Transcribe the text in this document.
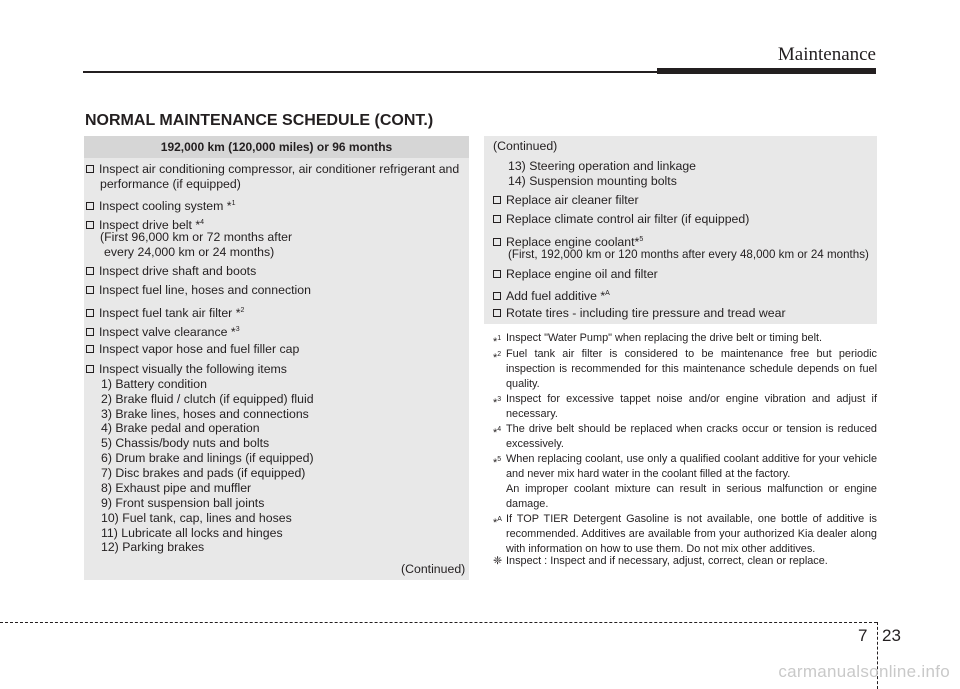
Maintenance
NORMAL MAINTENANCE SCHEDULE (CONT.)
192,000 km (120,000 miles) or 96 months
Inspect air conditioning compressor, air conditioner refrigerant and
performance (if equipped)
Inspect cooling system *$^1$
Inspect drive belt *$^4$
(First 96,000 km or 72 months after
every 24,000 km or 24 months)
Inspect drive shaft and boots
Inspect fuel line, hoses and connection
Inspect fuel tank air filter *$^2$
Inspect valve clearance *$^3$
Inspect vapor hose and fuel filler cap
Inspect visually the following items
1) Battery condition
2) Brake fluid / clutch (if equipped) fluid
3) Brake lines, hoses and connections
4) Brake pedal and operation
5) Chassis/body nuts and bolts
6) Drum brake and linings (if equipped)
7) Disc brakes and pads (if equipped)
8) Exhaust pipe and muffler
9) Front suspension ball joints
10) Fuel tank, cap, lines and hoses
11) Lubricate all locks and hinges
12) Parking brakes
(Continued)
(Continued)
13) Steering operation and linkage
14) Suspension mounting bolts
Replace air cleaner filter
Replace climate control air filter (if equipped)
Replace engine coolant*$^5$
(First, 192,000 km or 120 months after every 48,000 km or 24 months)
Replace engine oil and filter
Add fuel additive *$^A$
Rotate tires - including tire pressure and tread wear
*$^1$ Inspect "Water Pump" when replacing the drive belt or timing belt.
*$^2$ Fuel tank air filter is considered to be maintenance free but periodic inspection is recommended for this maintenance schedule depends on fuel quality.
*$^3$ Inspect for excessive tappet noise and/or engine vibration and adjust if necessary.
*$^4$ The drive belt should be replaced when cracks occur or tension is reduced excessively.
*$^5$ When replacing coolant, use only a qualified coolant additive for your vehicle and never mix hard water in the coolant filled at the factory.
An improper coolant mixture can result in serious malfunction or engine damage.
*$^A$ If TOP TIER Detergent Gasoline is not available, one bottle of additive is recommended. Additives are available from your authorized Kia dealer along with information on how to use them. Do not mix other additives.
❈ Inspect : Inspect and if necessary, adjust, correct, clean or replace.
7 23
carmanualsonline.info
